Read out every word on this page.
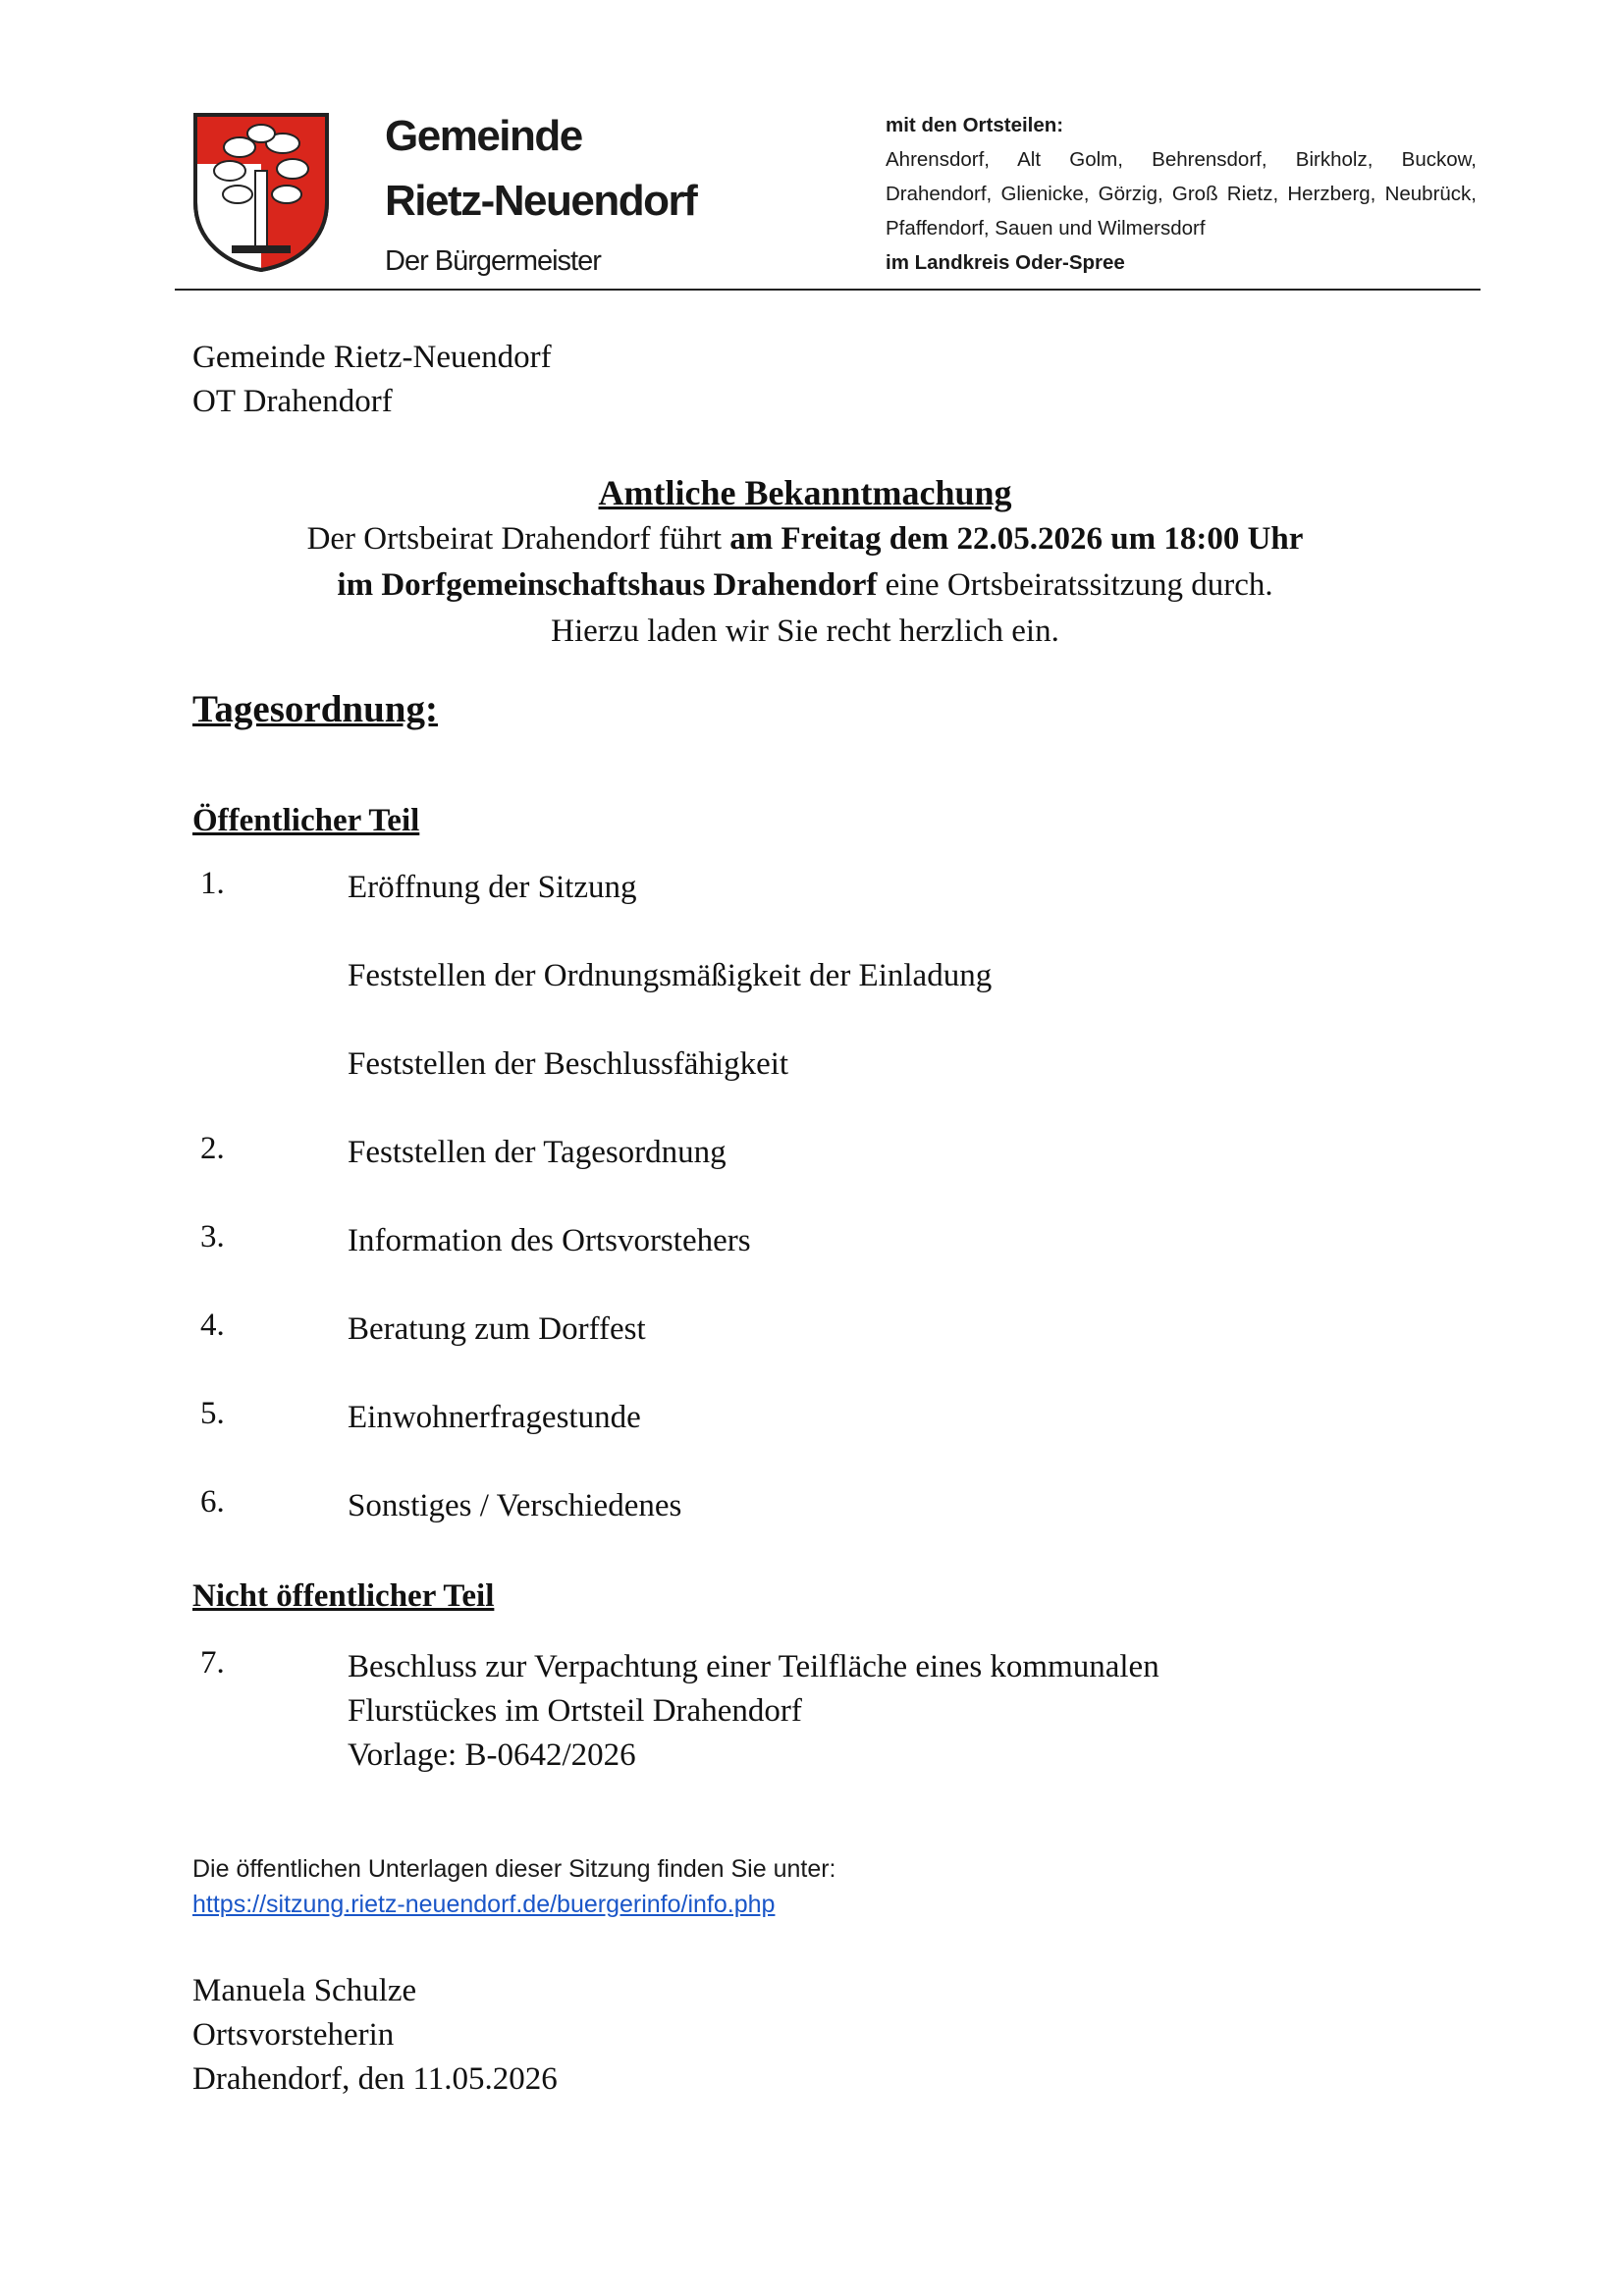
Gemeinde
Rietz-Neuendorf
Der Bürgermeister
mit den Ortsteilen:
Ahrensdorf, Alt Golm, Behrensdorf, Birkholz, Buckow,
Drahendorf, Glienicke, Görzig, Groß Rietz, Herzberg, Neubrück,
Pfaffendorf, Sauen und Wilmersdorf
im Landkreis Oder-Spree
Gemeinde Rietz-Neuendorf
OT Drahendorf
Amtliche Bekanntmachung
Der Ortsbeirat Drahendorf führt am Freitag dem 22.05.2026 um 18:00 Uhr
im Dorfgemeinschaftshaus Drahendorf eine Ortsbeiratssitzung durch.
Hierzu laden wir Sie recht herzlich ein.
Tagesordnung:
Öffentlicher Teil
1.	Eröffnung der Sitzung
Feststellen der Ordnungsmäßigkeit der Einladung
Feststellen der Beschlussfähigkeit
2.	Feststellen der Tagesordnung
3.	Information des Ortsvorstehers
4.	Beratung zum Dorffest
5.	Einwohnerfragestunde
6.	Sonstiges / Verschiedenes
Nicht öffentlicher Teil
7.	Beschluss zur Verpachtung einer Teilfläche eines kommunalen
Flurstückes im Ortsteil Drahendorf
Vorlage: B-0642/2026
Die öffentlichen Unterlagen dieser Sitzung finden Sie unter:
https://sitzung.rietz-neuendorf.de/buergerinfo/info.php
Manuela Schulze
Ortsvorsteherin
Drahendorf, den 11.05.2026
